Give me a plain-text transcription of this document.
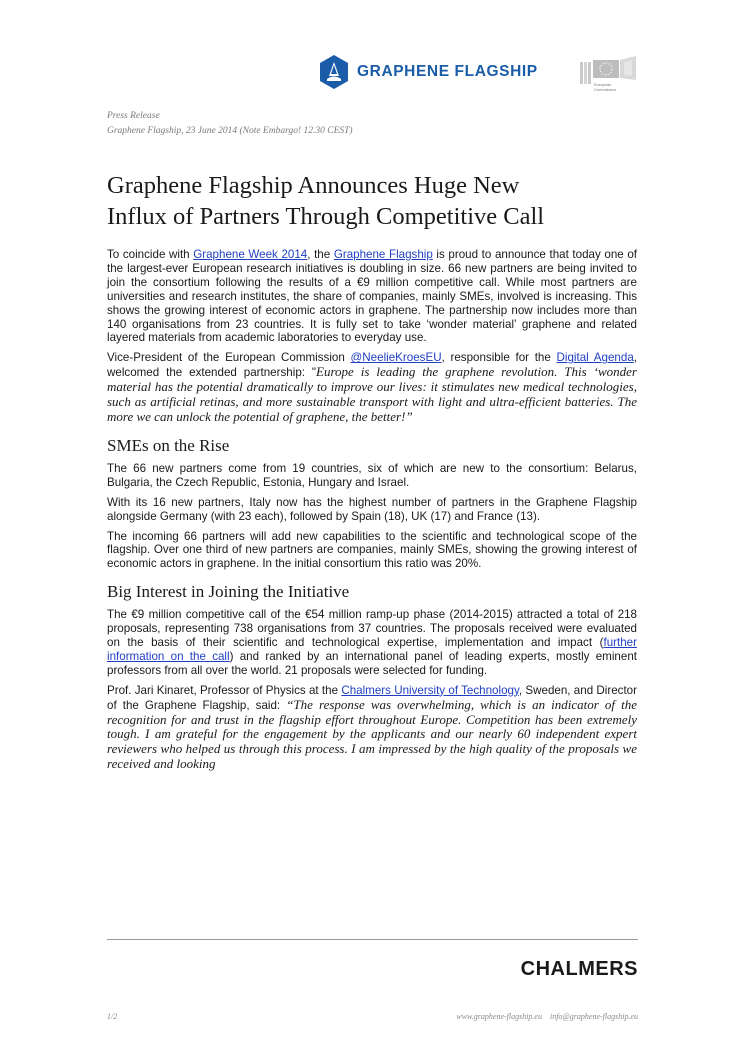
GRAPHENE FLAGSHIP
European
Commission
Press Release
Graphene Flagship, 23 June 2014 (Note Embargo! 12.30 CEST)
Graphene Flagship Announces Huge New
Influx of Partners Through Competitive Call

To coincide with Graphene Week 2014, the Graphene Flagship is proud to announce that today one of the largest-ever European research initiatives is doubling in size. 66 new partners are being invited to join the consortium following the results of a €9 million competitive call. While most partners are universities and research institutes, the share of companies, mainly SMEs, involved is increasing. This shows the growing interest of economic actors in graphene. The partnership now includes more than 140 organisations from 23 countries. It is fully set to take ‘wonder material’ graphene and related layered materials from academic laboratories to everyday use.

Vice-President of the European Commission @NeelieKroesEU, responsible for the Digital Agenda, welcomed the extended partnership: "Europe is leading the graphene revolution. This ‘wonder material has the potential dramatically to improve our lives: it stimulates new medical technologies, such as artificial retinas, and more sustainable transport with light and ultra-efficient batteries. The more we can unlock the potential of graphene, the better!”

SMEs on the Rise

The 66 new partners come from 19 countries, six of which are new to the consortium: Belarus, Bulgaria, the Czech Republic, Estonia, Hungary and Israel.

With its 16 new partners, Italy now has the highest number of partners in the Graphene Flagship alongside Germany (with 23 each), followed by Spain (18), UK (17) and France (13).

The incoming 66 partners will add new capabilities to the scientific and technological scope of the flagship. Over one third of new partners are companies, mainly SMEs, showing the growing interest of economic actors in graphene. In the initial consortium this ratio was 20%.

Big Interest in Joining the Initiative

The €9 million competitive call of the €54 million ramp-up phase (2014-2015) attracted a total of 218 proposals, representing 738 organisations from 37 countries. The proposals received were evaluated on the basis of their scientific and technological expertise, implementation and impact (further information on the call) and ranked by an international panel of leading experts, mostly eminent professors from all over the world. 21 proposals were selected for funding.

Prof. Jari Kinaret, Professor of Physics at the Chalmers University of Technology, Sweden, and Director of the Graphene Flagship, said: “The response was overwhelming, which is an indicator of the recognition for and trust in the flagship effort throughout Europe. Competition has been extremely tough. I am grateful for the engagement by the applicants and our nearly 60 independent expert reviewers who helped us through this process. I am impressed by the high quality of the proposals we received and looking

CHALMERS
1/2	www.graphene-flagship.eu info@graphene-flagship.eu
